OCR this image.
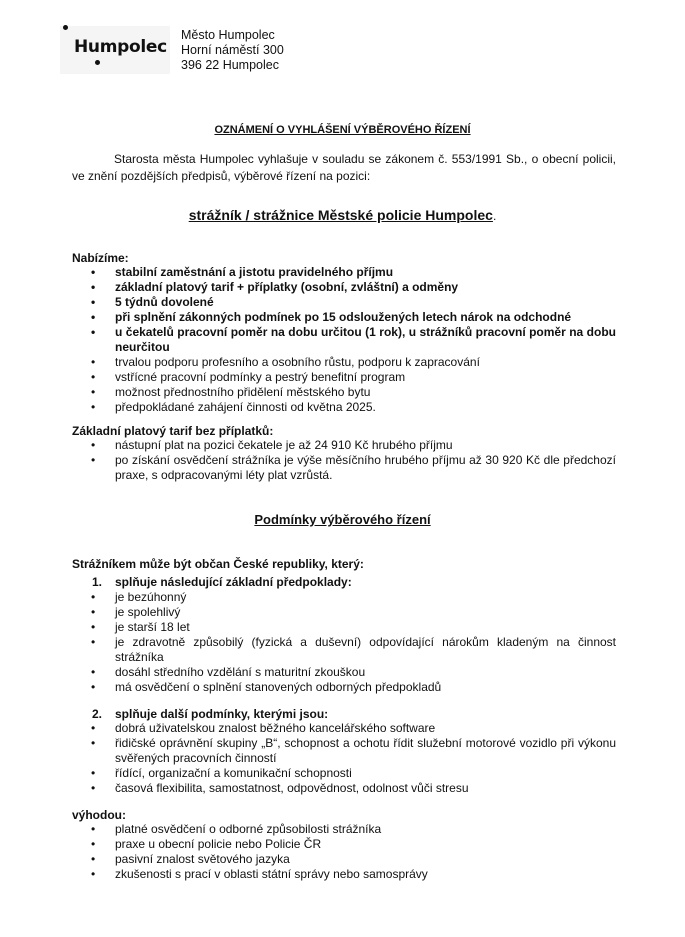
Humpolec
Město Humpolec
Horní náměstí 300
396 22 Humpolec
OZNÁMENÍ O VYHLÁŠENÍ VÝBĚROVÉHO ŘÍZENÍ
Starosta města Humpolec vyhlašuje v souladu se zákonem č. 553/1991 Sb., o obecní policii, ve znění pozdějších předpisů, výběrové řízení na pozici:
strážník / strážnice Městské policie Humpolec.
Nabízíme:
• stabilní zaměstnání a jistotu pravidelného příjmu
• základní platový tarif + příplatky (osobní, zvláštní) a odměny
• 5 týdnů dovolené
• při splnění zákonných podmínek po 15 odsloužených letech nárok na odchodné
• u čekatelů pracovní poměr na dobu určitou (1 rok), u strážníků pracovní poměr na dobu neurčitou
• trvalou podporu profesního a osobního růstu, podporu k zapracování
• vstřícné pracovní podmínky a pestrý benefitní program
• možnost přednostního přidělení městského bytu
• předpokládané zahájení činnosti od května 2025.
Základní platový tarif bez příplatků:
• nástupní plat na pozici čekatele je až 24 910 Kč hrubého příjmu
• po získání osvědčení strážníka je výše měsíčního hrubého příjmu až 30 920 Kč dle předchozí praxe, s odpracovanými léty plat vzrůstá.
Podmínky výběrového řízení
Strážníkem může být občan České republiky, který:
1. splňuje následující základní předpoklady:
• je bezúhonný
• je spolehlivý
• je starší 18 let
• je zdravotně způsobilý (fyzická a duševní) odpovídající nárokům kladeným na činnost strážníka
• dosáhl středního vzdělání s maturitní zkouškou
• má osvědčení o splnění stanovených odborných předpokladů
2. splňuje další podmínky, kterými jsou:
• dobrá uživatelskou znalost běžného kancelářského software
• řidičské oprávnění skupiny „B“, schopnost a ochotu řídit služební motorové vozidlo při výkonu svěřených pracovních činností
• řídící, organizační a komunikační schopnosti
• časová flexibilita, samostatnost, odpovědnost, odolnost vůči stresu
výhodou:
• platné osvědčení o odborné způsobilosti strážníka
• praxe u obecní policie nebo Policie ČR
• pasivní znalost světového jazyka
• zkušenosti s prací v oblasti státní správy nebo samosprávy
